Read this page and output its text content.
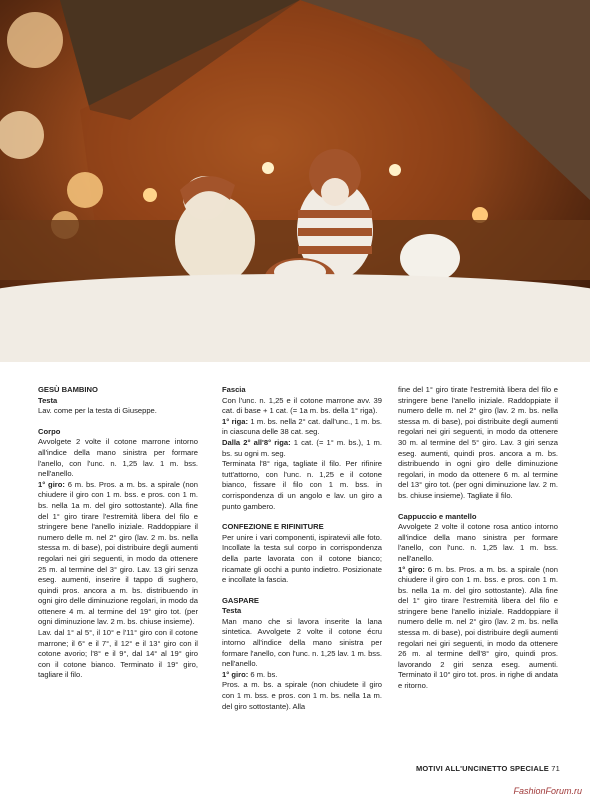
GESÙ BAMBINO
Testa
Lav. come per la testa di Giuseppe.

Corpo
Avvolgete 2 volte il cotone marrone intorno all'indice della mano sinistra per formare l'anello, con l'unc. n. 1,25 lav. 1 m. bss. nell'anello.
1° giro: 6 m. bs. Pros. a m. bs. a spirale (non chiudere il giro con 1 m. bss. e pros. con 1 m. bs. nella 1a m. del giro sottostante). Alla fine del 1° giro tirare l'estremità libera del filo e stringere bene l'anello iniziale. Raddoppiare il numero delle m. nel 2° giro (lav. 2 m. bs. nella stessa m. di base), poi distribuire degli aumenti regolari nei giri seguenti, in modo da ottenere 25 m. al termine del 3° giro. Lav. 13 giri senza eseg. aumenti, inserire il tappo di sughero, quindi pros. ancora a m. bs. distribuendo in ogni giro delle diminuzione regolari, in modo da ottenere 4 m. al termine del 19° giro tot. (per ogni diminuzione lav. 2 m. bs. chiuse insieme).
Lav. dal 1° al 5°, il 10° e l'11° giro con il cotone marrone; il 6° e il 7°, il 12° e il 13° giro con il cotone avorio; l'8° e il 9°, dal 14° al 19° giro con il cotone bianco. Terminato il 19° giro, tagliare il filo.

Fascia
Con l'unc. n. 1,25 e il cotone marrone avv. 39 cat. di base + 1 cat. (= 1a m. bs. della 1° riga).
1° riga: 1 m. bs. nella 2° cat. dall'unc., 1 m. bs. in ciascuna delle 38 cat. seg.
Dalla 2° all'8° riga: 1 cat. (= 1° m. bs.), 1 m. bs. su ogni m. seg.
Terminata l'8° riga, tagliate il filo. Per rifinire tutt'attorno, con l'unc. n. 1,25 e il cotone bianco, fissare il filo con 1 m. bss. in corrispondenza di un angolo e lav. un giro a punto gambero.

CONFEZIONE E RIFINITURE
Per unire i vari componenti, ispiratevii alle foto. Incollate la testa sul corpo in corrispondenza della parte lavorata con il cotone bianco; ricamate gli occhi a punto indietro. Posizionate e incollate la fascia.

GASPARE
Testa
Man mano che si lavora inserite la lana sintetica. Avvolgete 2 volte il cotone écru intorno all'indice della mano sinistra per formare l'anello, con l'unc. n. 1,25 lav. 1 m. bss. nell'anello.
1° giro: 6 m. bs.
Pros. a m. bs. a spirale (non chiudete il giro con 1 m. bss. e pros. con 1 m. bs. nella 1a m. del giro sottostante). Alla

fine del 1° giro tirate l'estremità libera del filo e stringere bene l'anello iniziale. Raddoppiate il numero delle m. nel 2° giro (lav. 2 m. bs. nella stessa m. di base), poi distribuite degli aumenti regolari nei giri seguenti, in modo da ottenere 30 m. al termine del 5° giro. Lav. 3 giri senza eseg. aumenti, quindi pros. ancora a m. bs. distribuendo in ogni giro delle diminuzione regolari, in modo da ottenere 6 m. al termine del 13° giro tot. (per ogni diminuzione lav. 2 m. bs. chiuse insieme). Tagliate il filo.

Cappuccio e mantello
Avvolgete 2 volte il cotone rosa antico intorno all'indice della mano sinistra per formare l'anello, con l'unc. n. 1,25 lav. 1 m. bss. nell'anello.
1° giro: 6 m. bs. Pros. a m. bs. a spirale (non chiudere il giro con 1 m. bss. e pros. con 1 m. bs. nella 1a m. del giro sottostante). Alla fine del 1° giro tirare l'estremità libera del filo e stringere bene l'anello iniziale. Raddoppiare il numero delle m. nel 2° giro (lav. 2 m. bs. nella stessa m. di base), poi distribuire degli aumenti regolari nei giri seguenti, in modo da ottenere 26 m. al termine dell'8° giro, quindi pros. lavorando 2 giri senza eseg. aumenti. Terminato il 10° giro tot. pros. in righe di andata e ritorno.

MOTIVI ALL'UNCINETTO SPECIALE 71
FashionForum.ru
